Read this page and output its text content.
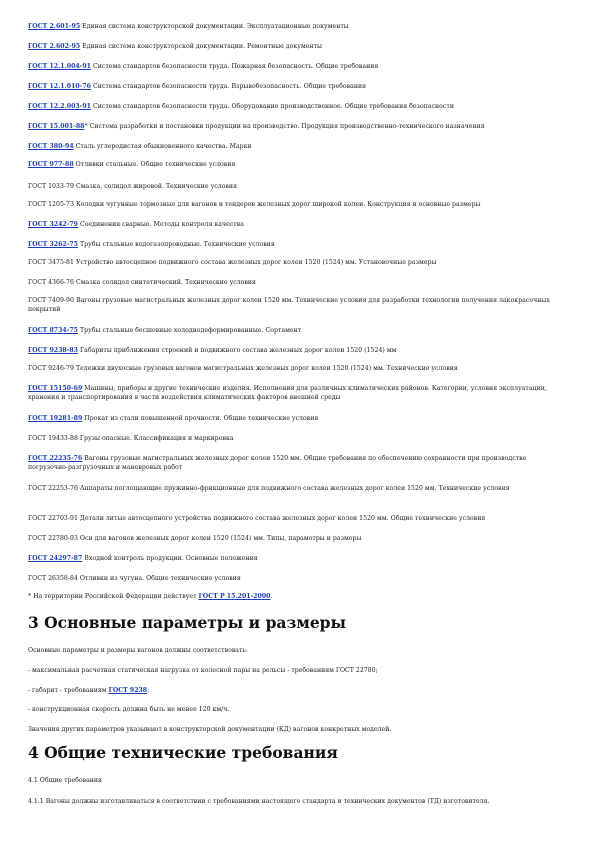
ГОСТ 2.601-95 Единая система конструкторской документации. Эксплуатационные документы
ГОСТ 2.602-95 Единая система конструкторской документации. Ремонтные документы
ГОСТ 12.1.004-91 Система стандартов безопасности труда. Пожарная безопасность. Общие требования
ГОСТ 12.1.010-76 Система стандартов безопасности труда. Взрывобезопасность. Общие требования
ГОСТ 12.2.003-91 Система стандартов безопасности труда. Оборудование производственное. Общие требования безопасности
ГОСТ 15.001-88* Система разработки и постановки продукции на производство. Продукция производственно-технического назначения
ГОСТ 380-94 Сталь углеродистая обыкновенного качества. Марки
ГОСТ 977-88 Отливки стальные. Общие технические условия
ГОСТ 1033-79 Смазка, солидол жировой. Технические условия
ГОСТ 1205-73 Колодки чугунные тормозные для вагонов и тендеров железных дорог широкой колеи. Конструкция и основные размеры
ГОСТ 3242-79 Соединения сварные. Методы контроля качества
ГОСТ 3262-75 Трубы стальные водогазопроводные. Технические условия
ГОСТ 3475-81 Устройство автосцепное подвижного состава железных дорог колеи 1520 (1524) мм. Установочные размеры
ГОСТ 4366-76 Смазка солидол синтетический. Технические условия
ГОСТ 7409-90 Вагоны грузовые магистральных железных дорог колеи 1520 мм. Технические условия для разработки технологии получения лакокрасочных покрытий
ГОСТ 8734-75 Трубы стальные бесшовные холоднодеформированные. Сортамент
ГОСТ 9238-83 Габариты приближения строений и подвижного состава железных дорог колеи 1520 (1524) мм
ГОСТ 9246-79 Тележки двухосные грузовых вагонов магистральных железных дорог колеи 1520 (1524) мм. Технические условия
ГОСТ 15150-69 Машины, приборы и другие технические изделия. Исполнения для различных климатических районов. Категории, условия эксплуатации, хранения и транспортирования в части воздействия климатических факторов внешней среды
ГОСТ 19281-89 Прокат из стали повышенной прочности. Общие технические условия
ГОСТ 19433-88 Грузы опасные. Классификация и маркировка
ГОСТ 22235-76 Вагоны грузовые магистральных железных дорог колеи 1520 мм. Общие требования по обеспечению сохранности при производстве погрузочно-разгрузочных и маневровых работ
ГОСТ 22253-76 Аппараты поглощающие пружинно-фрикционные для подвижного состава железных дорог колеи 1520 мм. Технические условия
ГОСТ 22703-91 Детали литые автосцепного устройства подвижного состава железных дорог колеи 1520 мм. Общие технические условия
ГОСТ 22780-93 Оси для вагонов железных дорог колеи 1520 (1524) мм. Типы, параметры и размеры
ГОСТ 24297-87 Входной контроль продукции. Основные положения
ГОСТ 26358-84 Отливки из чугуна. Общие технические условия
* На территории Российской Федерации действует ГОСТ Р 15.201-2000.
3 Основные параметры и размеры
Основные параметры и размеры вагонов должны соответствовать:
- максимальная расчетная статическая нагрузка от колесной пары на рельсы - требованиям ГОСТ 22780;
- габарит - требованиям ГОСТ 9238;
- конструкционная скорость должна быть не менее 120 км/ч.
Значения других параметров указывают в конструкторской документации (КД) вагонов конкретных моделей.
4 Общие технические требования
4.1 Общие требования
4.1.1 Вагоны должны изготавливаться в соответствии с требованиями настоящего стандарта и технических документов (ТД) изготовителя.
